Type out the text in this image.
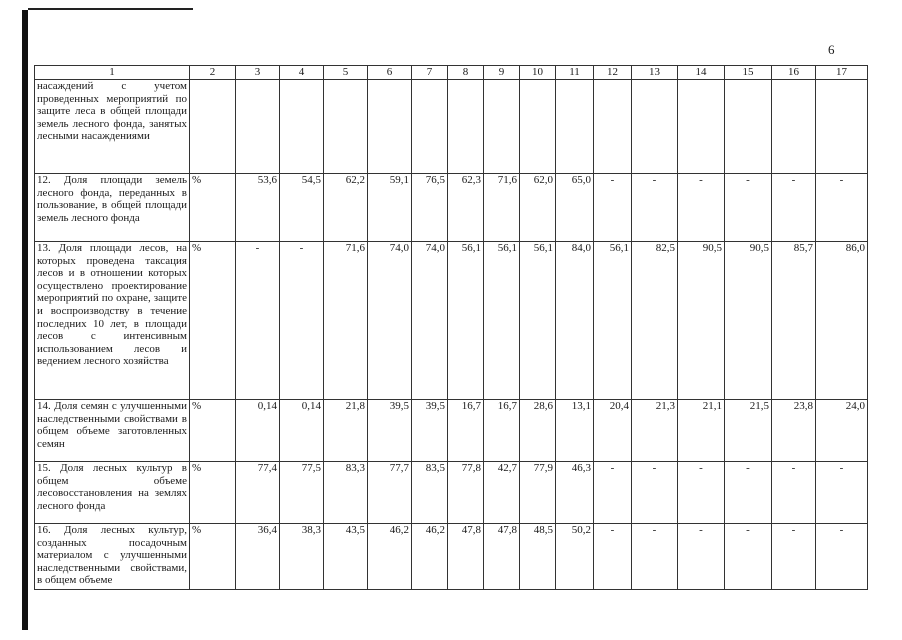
6
1	2	3	4	5	6	7	8	9	10	11	12	13	14	15	16	17
насаждений с учетом проведенных мероприятий по защите леса в общей площади земель лесного фонда, занятых лесными насаждениями																
12. Доля площади земель лесного фонда, переданных в пользование, в общей площади земель лесного фонда	%	53,6	54,5	62,2	59,1	76,5	62,3	71,6	62,0	65,0	-	-	-	-	-	-
13. Доля площади лесов, на которых проведена таксация лесов и в отношении которых осуществлено проектирование мероприятий по охране, защите и воспроизводству в течение последних 10 лет, в площади лесов с интенсивным использованием лесов и ведением лесного хозяйства	%	-	-	71,6	74,0	74,0	56,1	56,1	56,1	84,0	56,1	82,5	90,5	90,5	85,7	86,0
14. Доля семян с улучшенными наследственными свойствами в общем объеме заготовленных семян	%	0,14	0,14	21,8	39,5	39,5	16,7	16,7	28,6	13,1	20,4	21,3	21,1	21,5	23,8	24,0
15. Доля лесных культур в общем объеме лесовосстановления на землях лесного фонда	%	77,4	77,5	83,3	77,7	83,5	77,8	42,7	77,9	46,3	-	-	-	-	-	-
16. Доля лесных культур, созданных посадочным материалом с улучшенными наследственными свойствами, в общем объеме	%	36,4	38,3	43,5	46,2	46,2	47,8	47,8	48,5	50,2	-	-	-	-	-	-
